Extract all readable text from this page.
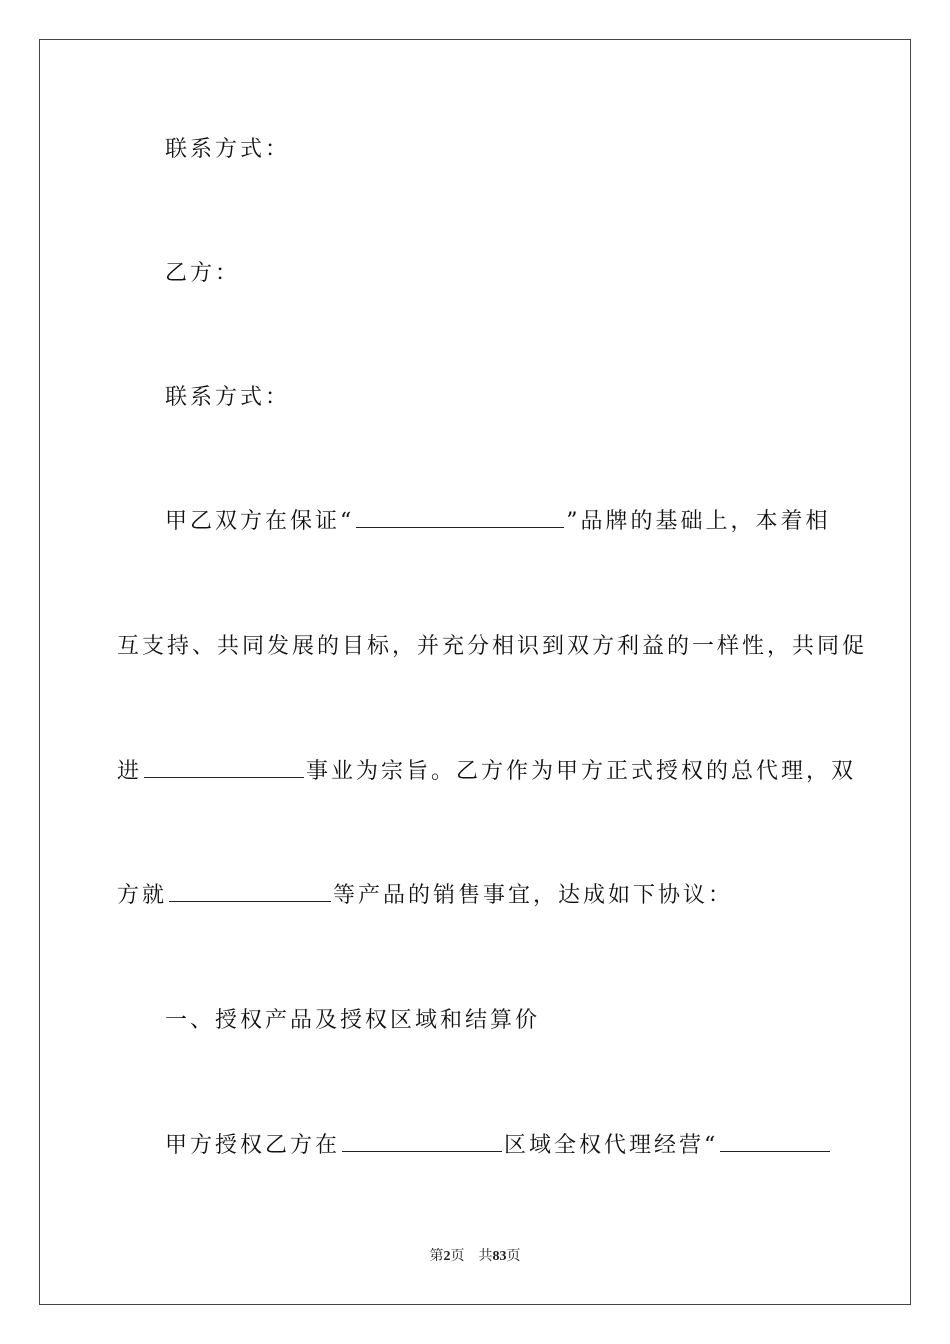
联系方式：
乙方：
联系方式：
甲乙双方在保证“	”品牌的基础上，本着相
互支持、共同发展的目标，并充分相识到双方利益的一样性，共同促
进	事业为宗旨。乙方作为甲方正式授权的总代理，双
方就	等产品的销售事宜，达成如下协议：
一、授权产品及授权区域和结算价
甲方授权乙方在	区域全权代理经营“
第2页 共83页
